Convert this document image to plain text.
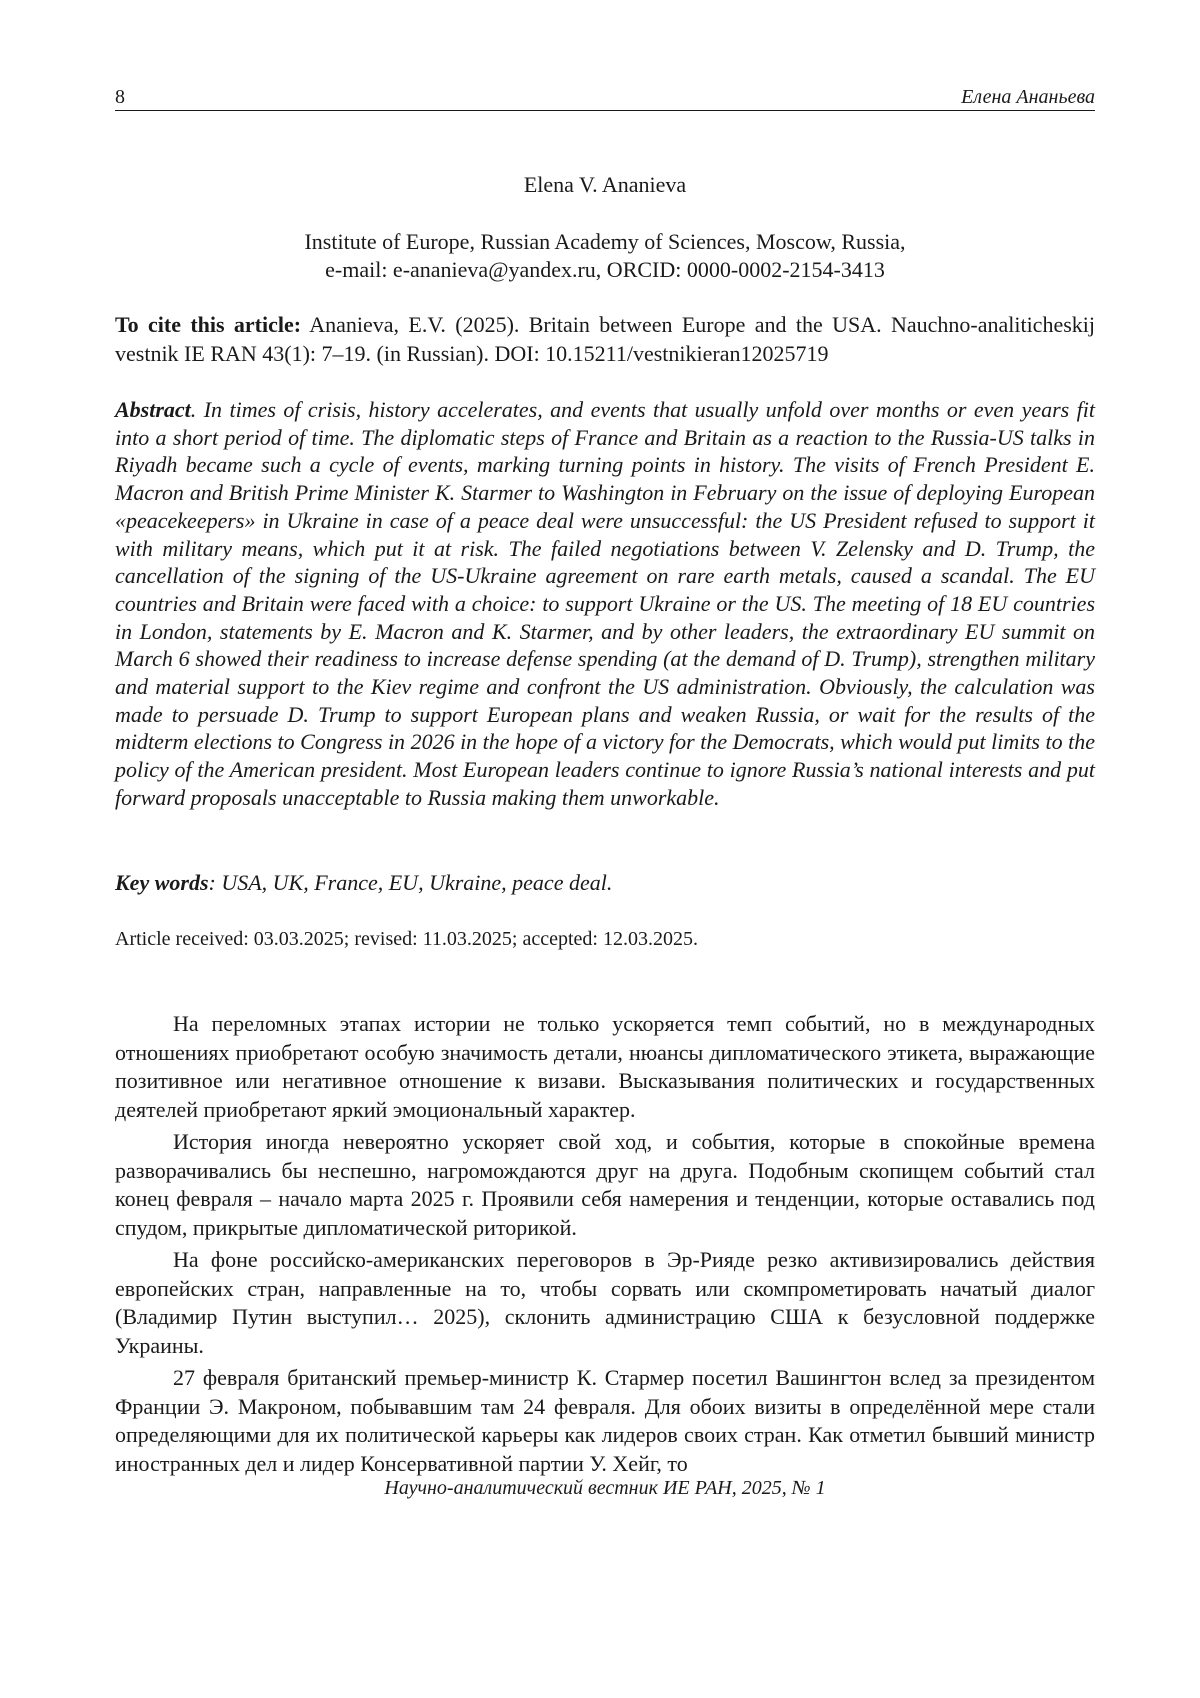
8	Елена Ананьева
Elena V. Ananieva
Institute of Europe, Russian Academy of Sciences, Moscow, Russia,
e-mail: e-ananieva@yandex.ru, ORCID: 0000-0002-2154-3413
To cite this article: Ananieva, E.V. (2025). Britain between Europe and the USA. Nauchno-analiticheskij vestnik IE RAN 43(1): 7–19. (in Russian). DOI: 10.15211/vestnikieran12025719
Abstract. In times of crisis, history accelerates, and events that usually unfold over months or even years fit into a short period of time. The diplomatic steps of France and Britain as a reaction to the Russia-US talks in Riyadh became such a cycle of events, marking turning points in history. The visits of French President E. Macron and British Prime Minister K. Starmer to Washington in February on the issue of deploying European «peacekeepers» in Ukraine in case of a peace deal were unsuccessful: the US President refused to support it with military means, which put it at risk. The failed negotiations between V. Zelensky and D. Trump, the cancellation of the signing of the US-Ukraine agreement on rare earth metals, caused a scandal. The EU countries and Britain were faced with a choice: to support Ukraine or the US. The meeting of 18 EU countries in London, statements by E. Macron and K. Starmer, and by other leaders, the extraordinary EU summit on March 6 showed their readiness to increase defense spending (at the demand of D. Trump), strengthen military and material support to the Kiev regime and confront the US administration. Obviously, the calculation was made to persuade D. Trump to support European plans and weaken Russia, or wait for the results of the midterm elections to Congress in 2026 in the hope of a victory for the Democrats, which would put limits to the policy of the American president. Most European leaders continue to ignore Russia’s national interests and put forward proposals unacceptable to Russia making them unworkable.
Key words: USA, UK, France, EU, Ukraine, peace deal.
Article received: 03.03.2025; revised: 11.03.2025; accepted: 12.03.2025.

На переломных этапах истории не только ускоряется темп событий, но в международных отношениях приобретают особую значимость детали, нюансы дипломатического этикета, выражающие позитивное или негативное отношение к визави. Высказывания политических и государственных деятелей приобретают яркий эмоциональный характер.

История иногда невероятно ускоряет свой ход, и события, которые в спокойные времена разворачивались бы неспешно, нагромождаются друг на друга. Подобным скопищем событий стал конец февраля – начало марта 2025 г. Проявили себя намерения и тенденции, которые оставались под спудом, прикрытые дипломатической риторикой.

На фоне российско-американских переговоров в Эр-Рияде резко активизировались действия европейских стран, направленные на то, чтобы сорвать или скомпрометировать начатый диалог (Владимир Путин выступил… 2025), склонить администрацию США к безусловной поддержке Украины.

27 февраля британский премьер-министр К. Стармер посетил Вашингтон вслед за президентом Франции Э. Макроном, побывавшим там 24 февраля. Для обоих визиты в определённой мере стали определяющими для их политической карьеры как лидеров своих стран. Как отметил бывший министр иностранных дел и лидер Консервативной партии У. Хейг, то

Научно-аналитический вестник ИЕ РАН, 2025, № 1
